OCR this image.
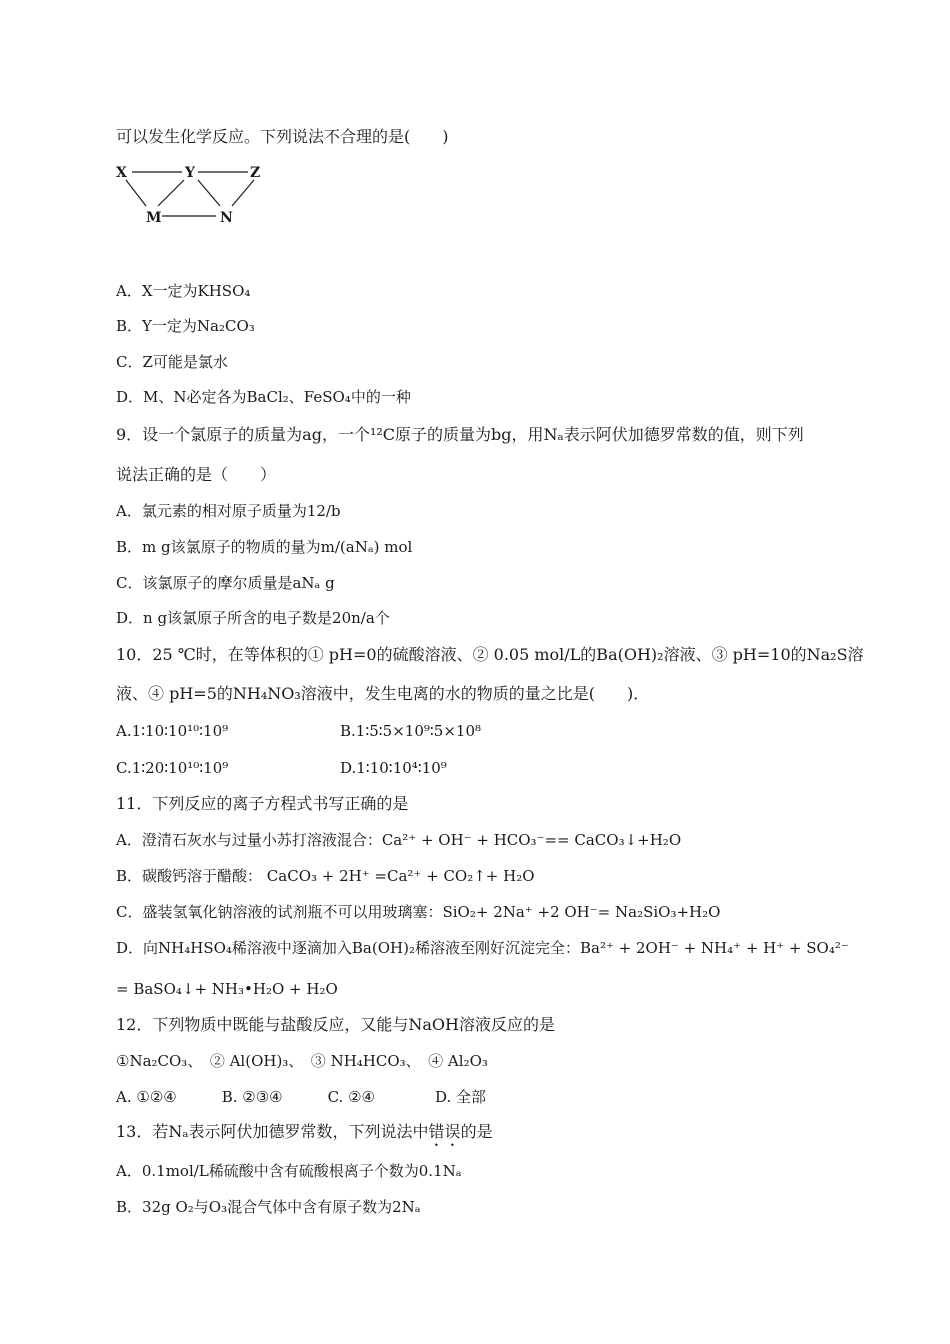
可以发生化学反应。下列说法不合理的是(　　)
X	Y	Z
M	N
A．X一定为KHSO₄
B．Y一定为Na₂CO₃
C．Z可能是氯水
D．M、N必定各为BaCl₂、FeSO₄中的一种
9．设一个氯原子的质量为ag，一个¹²C原子的质量为bg，用Nₐ表示阿伏加德罗常数的值，则下列
说法正确的是（　　）
A．氯元素的相对原子质量为12/b
B．m g该氯原子的物质的量为m/(aNₐ) mol
C．该氯原子的摩尔质量是aNₐ g
D．n g该氯原子所含的电子数是20n/a个
10．25 ℃时，在等体积的① pH=0的硫酸溶液、② 0.05 mol/L的Ba(OH)₂溶液、③ pH=10的Na₂S溶
液、④ pH=5的NH₄NO₃溶液中，发生电离的水的物质的量之比是(　　)．
A.1∶10∶10¹⁰∶10⁹	B.1∶5∶5×10⁹∶5×10⁸
C.1∶20∶10¹⁰∶10⁹	D.1∶10∶10⁴∶10⁹
11．下列反应的离子方程式书写正确的是
A．澄清石灰水与过量小苏打溶液混合：Ca²⁺ + OH⁻ + HCO₃⁻== CaCO₃↓+H₂O
B．碳酸钙溶于醋酸： CaCO₃ + 2H⁺ =Ca²⁺ + CO₂↑+ H₂O
C．盛装氢氧化钠溶液的试剂瓶不可以用玻璃塞：SiO₂+ 2Na⁺ +2 OH⁻= Na₂SiO₃+H₂O
D．向NH₄HSO₄稀溶液中逐滴加入Ba(OH)₂稀溶液至刚好沉淀完全：Ba²⁺ + 2OH⁻ + NH₄⁺ + H⁺ + SO₄²⁻
= BaSO₄↓+ NH₃•H₂O + H₂O
12．下列物质中既能与盐酸反应，又能与NaOH溶液反应的是
①Na₂CO₃、　② Al(OH)₃、　③ NH₄HCO₃、　④ Al₂O₃
A. ①②④　　　B. ②③④　　　C. ②④　　　　D. 全部
13．若Nₐ表示阿伏加德罗常数，下列说法中错误的是
A．0.1mol/L稀硫酸中含有硫酸根离子个数为0.1Nₐ
B．32g O₂与O₃混合气体中含有原子数为2Nₐ
